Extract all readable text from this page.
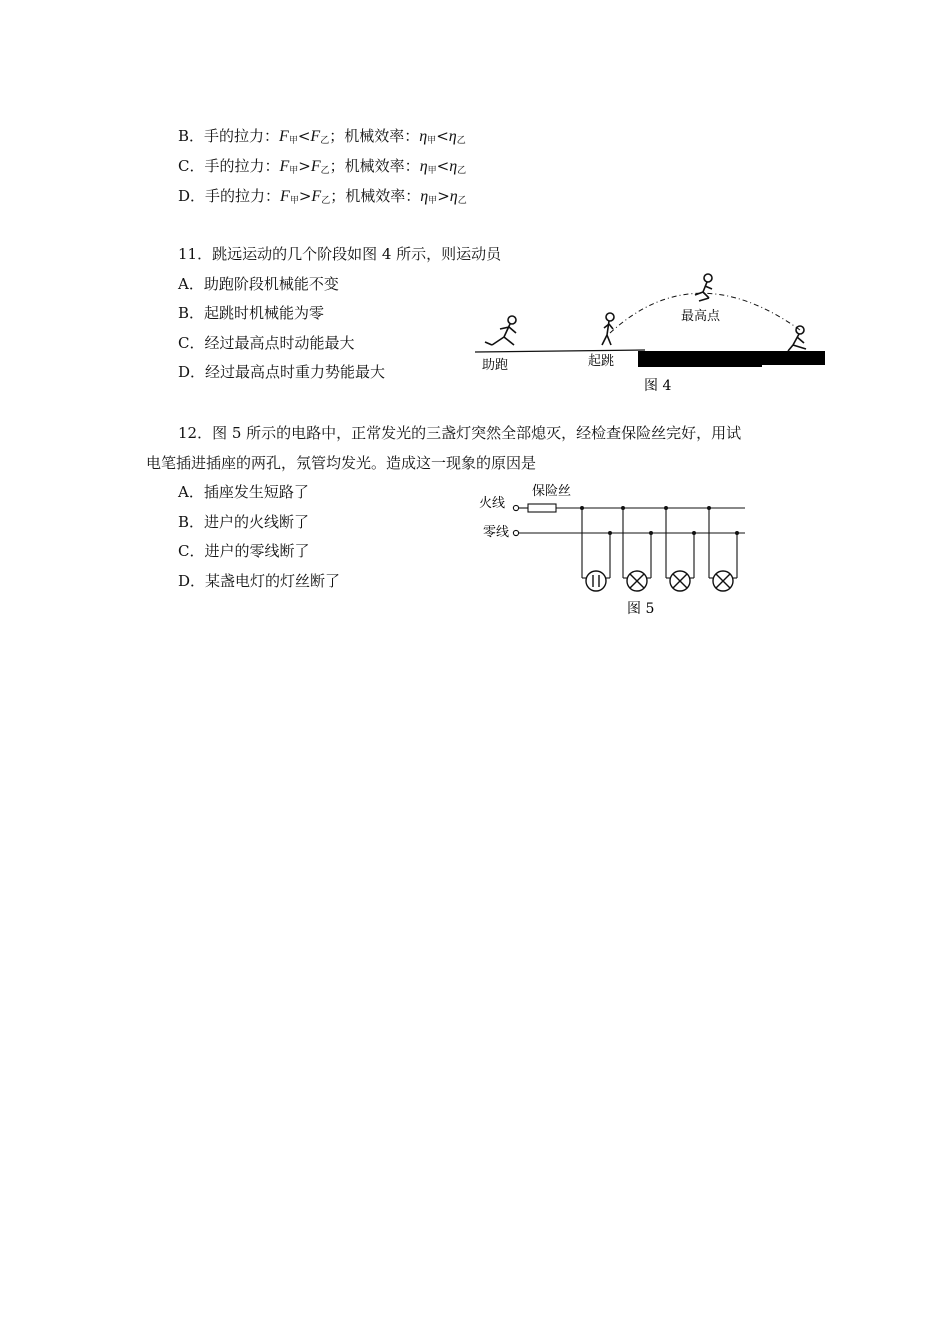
B．手的拉力：$F_甲<F_乙$；机械效率：$\eta_甲<\eta_乙$
C．手的拉力：$F_甲>F_乙$；机械效率：$\eta_甲<\eta_乙$
D．手的拉力：$F_甲>F_乙$；机械效率：$\eta_甲>\eta_乙$
11．跳远运动的几个阶段如图 4 所示，则运动员
A．助跑阶段机械能不变
B．起跳时机械能为零
C．经过最高点时动能最大
D．经过最高点时重力势能最大	助跑	起跳
最高点
图 4
12．图 5 所示的电路中，正常发光的三盏灯突然全部熄灭，经检查保险丝完好，用试
电笔插进插座的两孔，氖管均发光。造成这一现象的原因是
A．插座发生短路了
B．进户的火线断了
C．进户的零线断了
D．某盏电灯的灯丝断了
火线
零线
保险丝
图 5
